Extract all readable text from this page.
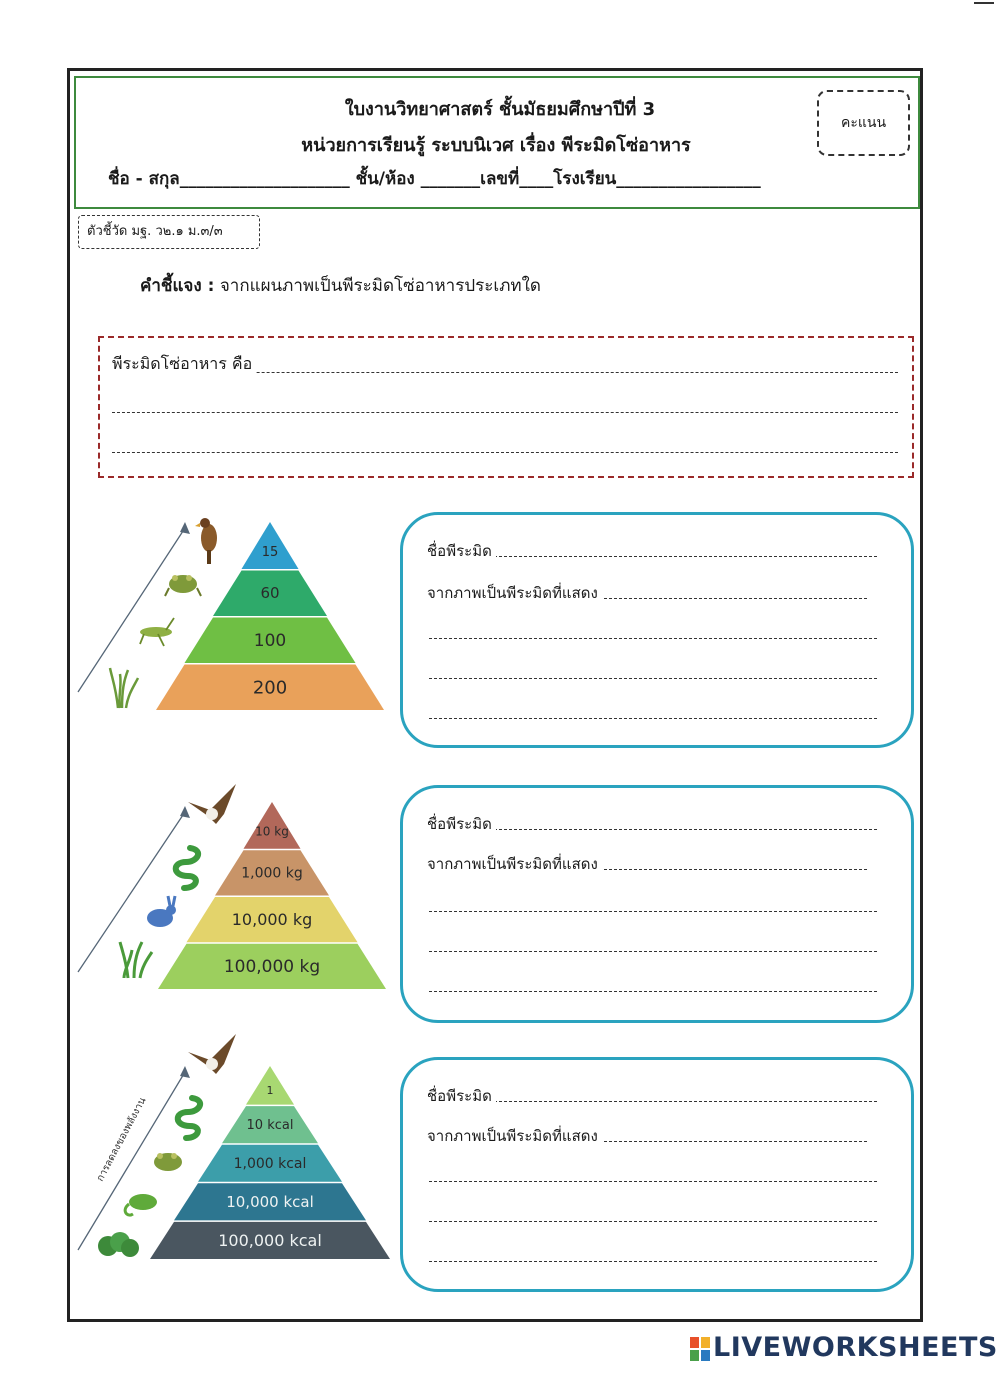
ใบงานวิทยาศาสตร์ ชั้นมัธยมศึกษาปีที่ 3
หน่วยการเรียนรู้ ระบบนิเวศ เรื่อง พีระมิดโซ่อาหาร
คะแนน
ชื่อ - สกุล____________________ ชั้น/ห้อง _______เลขที่____โรงเรียน_________________
ตัวชี้วัด มฐ. ว๒.๑ ม.๓/๓
คำชี้แจง : จากแผนภาพเป็นพีระมิดโซ่อาหารประเภทใด
พีระมิดโซ่อาหาร คือ
15
60
100
200
ชื่อพีระมิด
จากภาพเป็นพีระมิดที่แสดง
10 kg
1,000 kg
10,000 kg
100,000 kg
ชื่อพีระมิด
จากภาพเป็นพีระมิดที่แสดง
การลดลงของพลังงาน
1
10 kcal
1,000 kcal
10,000 kcal
100,000 kcal
ชื่อพีระมิด
จากภาพเป็นพีระมิดที่แสดง
LIVEWORKSHEETS
